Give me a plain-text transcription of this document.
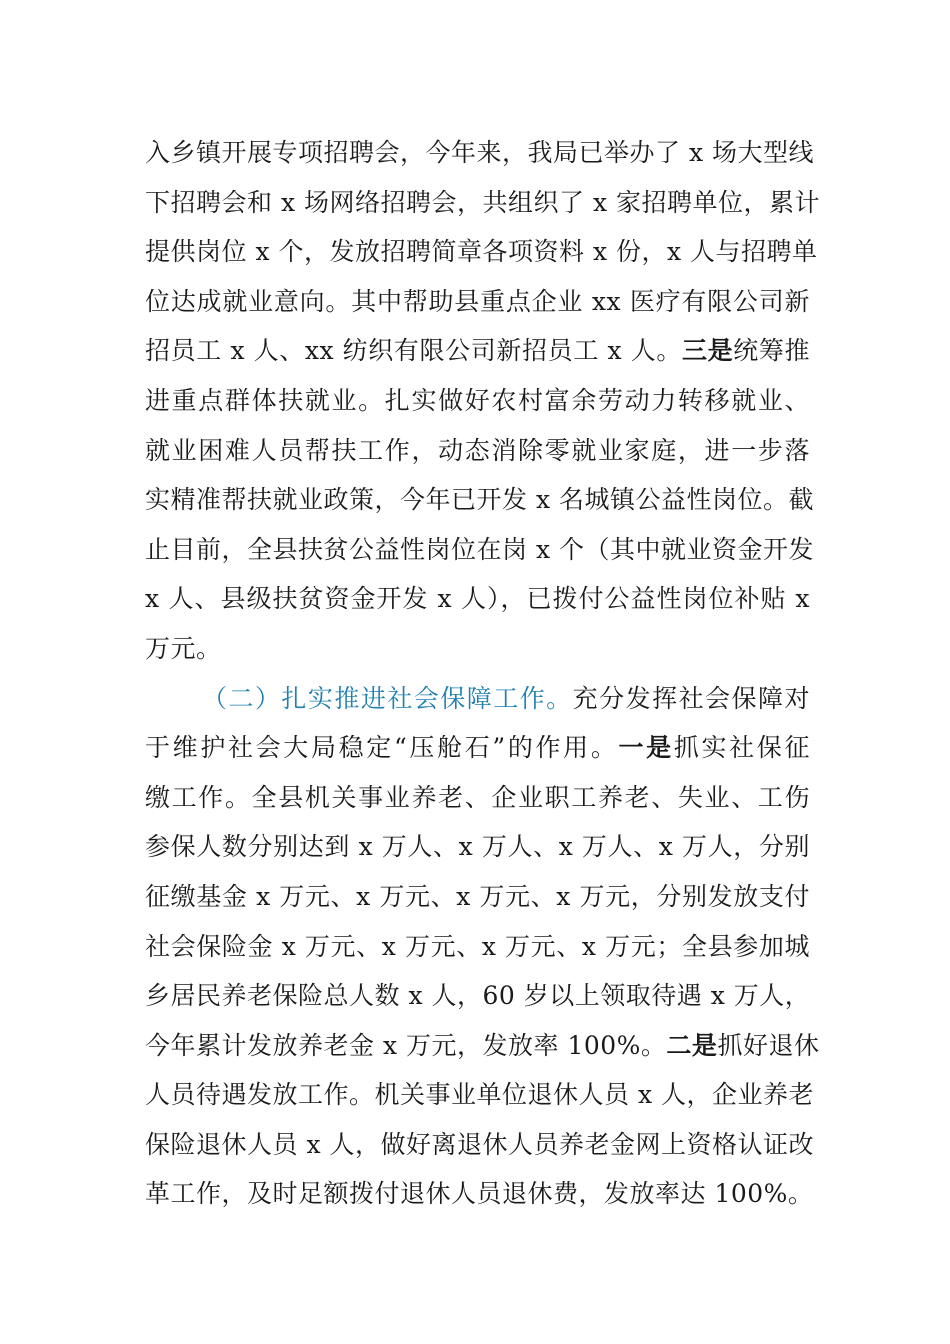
入乡镇开展专项招聘会，今年来，我局已举办了 x 场大型线
下招聘会和 x 场网络招聘会，共组织了 x 家招聘单位，累计
提供岗位 x 个，发放招聘简章各项资料 x 份，x 人与招聘单
位达成就业意向。其中帮助县重点企业 xx 医疗有限公司新
招员工 x 人、xx 纺织有限公司新招员工 x 人。三是统筹推
进重点群体扶就业。扎实做好农村富余劳动力转移就业、
就业困难人员帮扶工作，动态消除零就业家庭，进一步落
实精准帮扶就业政策，今年已开发 x 名城镇公益性岗位。截
止目前，全县扶贫公益性岗位在岗 x 个（其中就业资金开发
x 人、县级扶贫资金开发 x 人），已拨付公益性岗位补贴 x
万元。
（二）扎实推进社会保障工作。充分发挥社会保障对
于维护社会大局稳定“压舱石”的作用。一是抓实社保征
缴工作。全县机关事业养老、企业职工养老、失业、工伤
参保人数分别达到 x 万人、x 万人、x 万人、x 万人，分别
征缴基金 x 万元、x 万元、x 万元、x 万元，分别发放支付
社会保险金 x 万元、x 万元、x 万元、x 万元；全县参加城
乡居民养老保险总人数 x 人，60 岁以上领取待遇 x 万人，
今年累计发放养老金 x 万元，发放率 100%。二是抓好退休
人员待遇发放工作。机关事业单位退休人员 x 人，企业养老
保险退休人员 x 人，做好离退休人员养老金网上资格认证改
革工作，及时足额拨付退休人员退休费，发放率达 100%。
